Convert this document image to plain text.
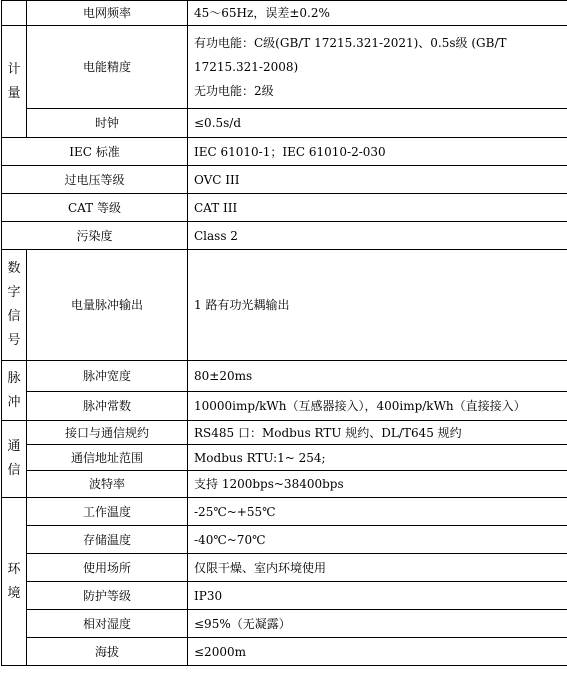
	电网频率	45～65Hz，误差±0.2%
计量	电能精度	有功电能：C级(GB/T 17215.321-2021)、0.5s级 (GB/T
17215.321-2008)
无功电能：2级

	时钟	≤0.5s/d
IEC 标准		IEC 61010-1；IEC 61010-2-030
过电压等级		OVC III
CAT 等级		CAT III
污染度		Class 2
数字信号	电量脉冲输出	1 路有功光耦输出
脉冲	脉冲宽度	80±20ms
	脉冲常数	10000imp/kWh（互感器接入），400imp/kWh（直接接入）
通信	接口与通信规约	RS485 口：Modbus RTU 规约、DL/T645 规约
	通信地址范围	Modbus RTU:1~ 254;
	波特率	支持 1200bps~38400bps
环境	工作温度	-25℃~+55℃
	存储温度	-40℃~70℃
	使用场所	仅限干燥、室内环境使用
	防护等级	IP30
	相对湿度	≤95%（无凝露）
	海拔	≤2000m
